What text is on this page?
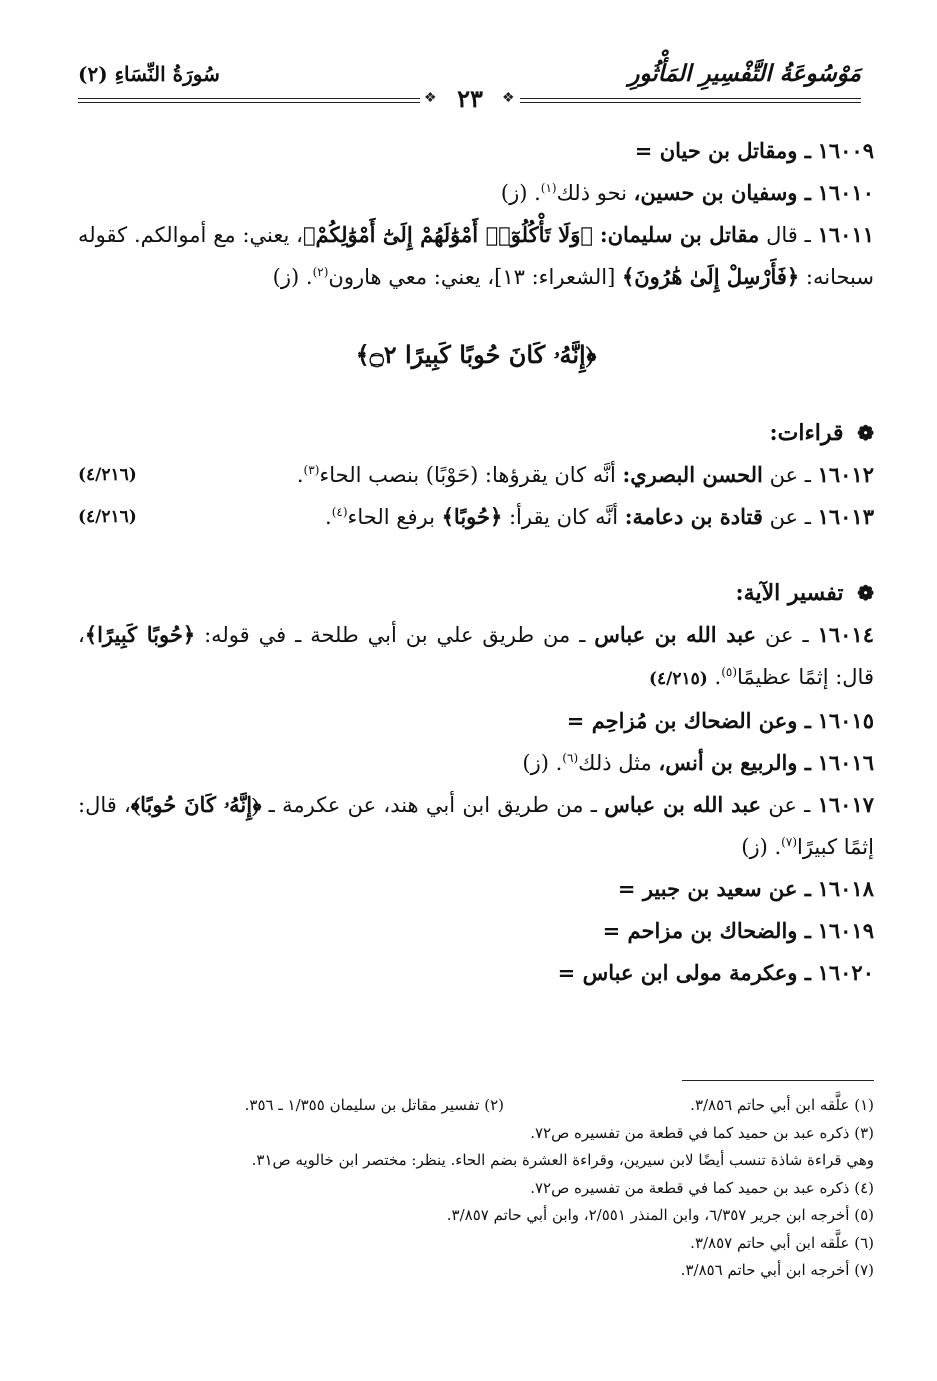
سُورَةُ النِّسَاءِ (٢)	مَوْسُوعَةُ التَّفْسِيرِ المَأْثُورِ
٢٣
❖	❖

١٦٠٠٩ ـ ومقاتل بن حيان =

١٦٠١٠ ـ وسفيان بن حسين، نحو ذلك$^{(١)}$. (ز)

١٦٠١١ ـ قال مقاتل بن سليمان: ﴿وَلَا تَأْكُلُوٓا۟ أَمْوَٰلَهُمْ إِلَىٰٓ أَمْوَٰلِكُمْ﴾، يعني: مع أموالكم. كقوله سبحانه: ﴿فَأَرْسِلْ إِلَىٰ هَٰرُونَ﴾ [الشعراء: ١٣]، يعني: معي هارون$^{(٢)}$. (ز)

﴿إِنَّهُۥ كَانَ حُوبًا كَبِيرًا ۝٢﴾
❁ قراءات:

(٤/٢١٦)	١٦٠١٢ ـ عن الحسن البصري: أنَّه كان يقرؤها: (حَوْبًا) بنصب الحاء$^{(٣)}$.

(٤/٢١٦)	١٦٠١٣ ـ عن قتادة بن دعامة: أنَّه كان يقرأ: ﴿حُوبًا﴾ برفع الحاء$^{(٤)}$.

❁ تفسير الآية:

١٦٠١٤ ـ عن عبد الله بن عباس ـ من طريق علي بن أبي طلحة ـ في قوله: ﴿حُوبًا كَبِيرًا﴾، قال: إثمًا عظيمًا$^{(٥)}$. (٤/٢١٥)

١٦٠١٥ ـ وعن الضحاك بن مُزاحِم =

١٦٠١٦ ـ والربيع بن أنس، مثل ذلك$^{(٦)}$. (ز)

١٦٠١٧ ـ عن عبد الله بن عباس ـ من طريق ابن أبي هند، عن عكرمة ـ ﴿إِنَّهُۥ كَانَ حُوبًا﴾، قال: إثمًا كبيرًا$^{(٧)}$. (ز)

١٦٠١٨ ـ عن سعيد بن جبير =

١٦٠١٩ ـ والضحاك بن مزاحم =

١٦٠٢٠ ـ وعكرمة مولى ابن عباس =

(١) علَّقه ابن أبي حاتم ٣/٨٥٦.
(٢) تفسير مقاتل بن سليمان ١/٣٥٥ ـ ٣٥٦.
(٣) ذكره عبد بن حميد كما في قطعة من تفسيره ص٧٢.
وهي قراءة شاذة تنسب أيضًا لابن سيرين، وقراءة العشرة بضم الحاء. ينظر: مختصر ابن خالويه ص٣١.
(٤) ذكره عبد بن حميد كما في قطعة من تفسيره ص٧٢.
(٥) أخرجه ابن جرير ٦/٣٥٧، وابن المنذر ٢/٥٥١، وابن أبي حاتم ٣/٨٥٧.
(٦) علَّقه ابن أبي حاتم ٣/٨٥٧.
(٧) أخرجه ابن أبي حاتم ٣/٨٥٦.
